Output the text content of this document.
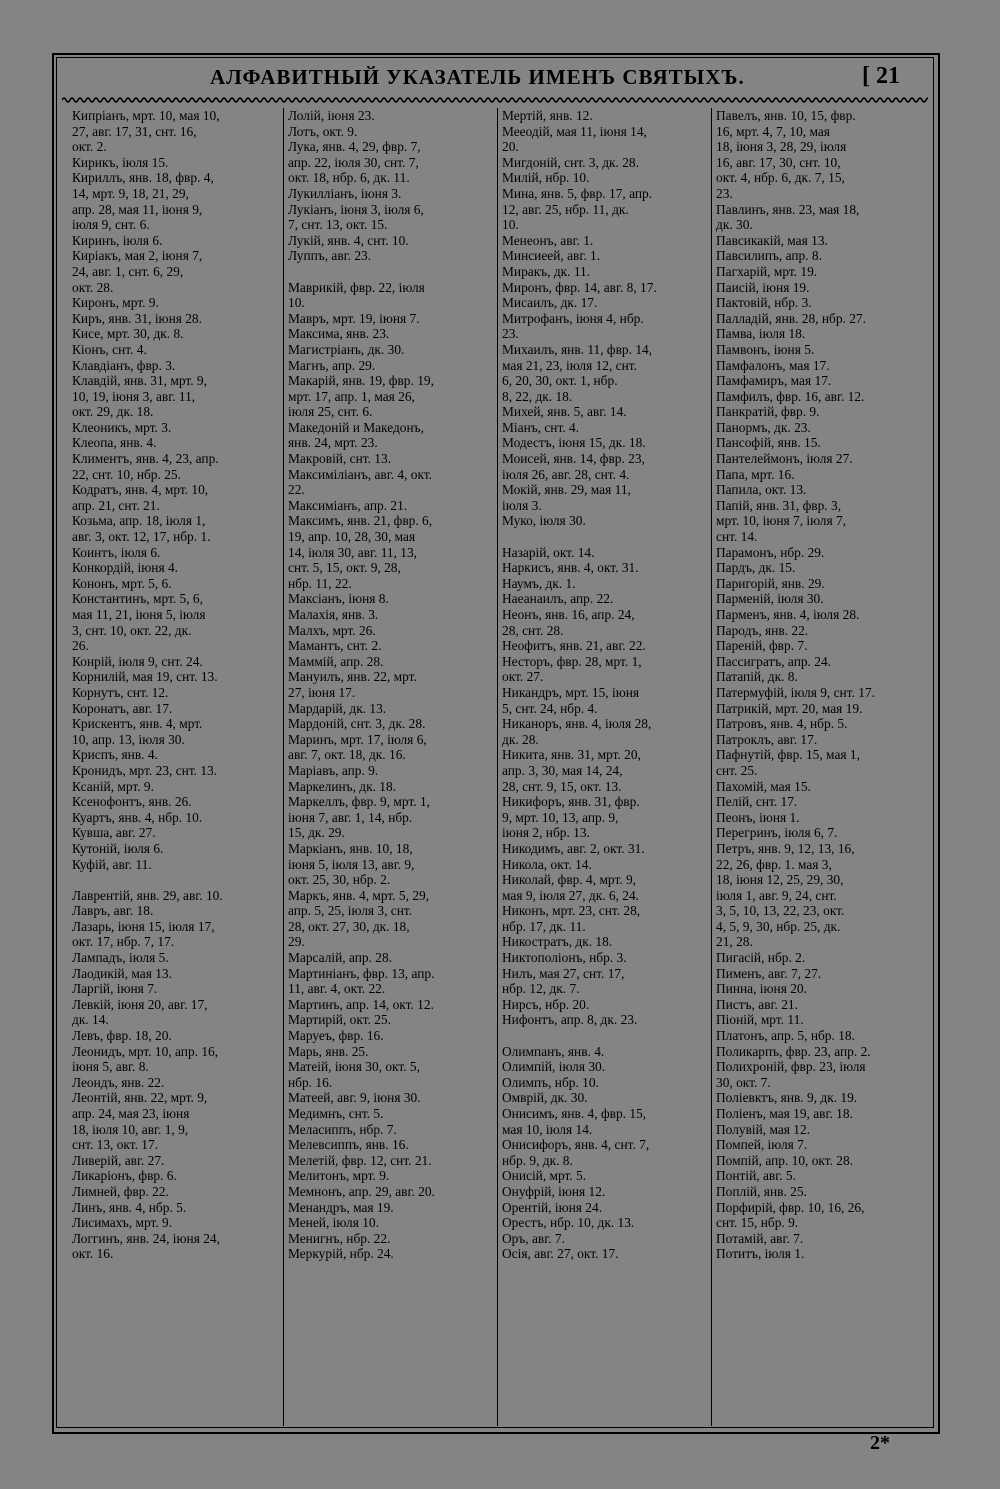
АЛФАВИТНЫЙ УКАЗАТЕЛЬ ИМЕНЪ СВЯТЫХЪ.	[ 21
Кипріанъ, мрт. 10, мая 10,
27, авг. 17, 31, снт. 16,
окт. 2.
Кирикъ, іюля 15.
Кириллъ, янв. 18, фвр. 4,
14, мрт. 9, 18, 21, 29,
апр. 28, мая 11, іюня 9,
іюля 9, снт. 6.
Киринъ, іюля 6.
Киріакъ, мая 2, іюня 7,
24, авг. 1, снт. 6, 29,
окт. 28.
Киронъ, мрт. 9.
Киръ, янв. 31, іюня 28.
Кисе, мрт. 30, дк. 8.
Кіонъ, снт. 4.
Клавдіанъ, фвр. 3.
Клавдій, янв. 31, мрт. 9,
10, 19, іюня 3, авг. 11,
окт. 29, дк. 18.
Клеоникъ, мрт. 3.
Клеопа, янв. 4.
Климентъ, янв. 4, 23, апр.
22, снт. 10, нбр. 25.
Кодратъ, янв. 4, мрт. 10,
апр. 21, снт. 21.
Козьма, апр. 18, іюля 1,
авг. 3, окт. 12, 17, нбр. 1.
Коинтъ, іюля 6.
Конкордій, іюня 4.
Кононъ, мрт. 5, 6.
Константинъ, мрт. 5, 6,
мая 11, 21, іюня 5, іюля
3, снт. 10, окт. 22, дк.
26.
Конрій, іюля 9, снт. 24.
Корнилій, мая 19, снт. 13.
Корнутъ, снт. 12.
Коронатъ, авг. 17.
Крискентъ, янв. 4, мрт.
10, апр. 13, іюля 30.
Криспъ, янв. 4.
Кронидъ, мрт. 23, снт. 13.
Ксаній, мрт. 9.
Ксенофонтъ, янв. 26.
Куартъ, янв. 4, нбр. 10.
Кувша, авг. 27.
Кутоній, іюля 6.
Куфій, авг. 11.
Лаврентій, янв. 29, авг. 10.
Лавръ, авг. 18.
Лазарь, іюня 15, іюля 17,
окт. 17, нбр. 7, 17.
Лампадъ, іюля 5.
Лаодикій, мая 13.
Ларгій, іюня 7.
Левкій, іюня 20, авг. 17,
дк. 14.
Левъ, фвр. 18, 20.
Леонидъ, мрт. 10, апр. 16,
іюня 5, авг. 8.
Леондъ, янв. 22.
Леонтій, янв. 22, мрт. 9,
апр. 24, мая 23, іюня
18, іюля 10, авг. 1, 9,
снт. 13, окт. 17.
Ливерій, авг. 27.
Ликаріонъ, фвр. 6.
Лимней, фвр. 22.
Линъ, янв. 4, нбр. 5.
Лисимахъ, мрт. 9.
Логгинъ, янв. 24, іюня 24,
окт. 16.
Лолій, іюня 23.
Лотъ, окт. 9.
Лука, янв. 4, 29, фвр. 7,
апр. 22, іюля 30, снт. 7,
окт. 18, нбр. 6, дк. 11.
Лукилліанъ, іюня 3.
Лукіанъ, іюня 3, іюля 6,
7, снт. 13, окт. 15.
Лукій, янв. 4, снт. 10.
Луппъ, авг. 23.
Маврикій, фвр. 22, іюля
10.
Мавръ, мрт. 19, іюня 7.
Максима, янв. 23.
Магистріанъ, дк. 30.
Магнъ, апр. 29.
Макарій, янв. 19, фвр. 19,
мрт. 17, апр. 1, мая 26,
іюля 25, снт. 6.
Македоній и Македонъ,
янв. 24, мрт. 23.
Макровій, снт. 13.
Максиміліанъ, авг. 4, окт.
22.
Максиміанъ, апр. 21.
Максимъ, янв. 21, фвр. 6,
19, апр. 10, 28, 30, мая
14, іюля 30, авг. 11, 13,
снт. 5, 15, окт. 9, 28,
нбр. 11, 22.
Максіанъ, іюня 8.
Малахія, янв. 3.
Малхъ, мрт. 26.
Мамантъ, снт. 2.
Маммій, апр. 28.
Мануилъ, янв. 22, мрт.
27, іюня 17.
Мардарій, дк. 13.
Мардоній, снт. 3, дк. 28.
Маринъ, мрт. 17, іюля 6,
авг. 7, окт. 18, дк. 16.
Маріавъ, апр. 9.
Маркелинъ, дк. 18.
Маркеллъ, фвр. 9, мрт. 1,
іюня 7, авг. 1, 14, нбр.
15, дк. 29.
Маркіанъ, янв. 10, 18,
іюня 5, іюля 13, авг. 9,
окт. 25, 30, нбр. 2.
Маркъ, янв. 4, мрт. 5, 29,
апр. 5, 25, іюля 3, снт.
28, окт. 27, 30, дк. 18,
29.
Марсалій, апр. 28.
Мартиніанъ, фвр. 13, апр.
11, авг. 4, окт. 22.
Мартинъ, апр. 14, окт. 12.
Мартирій, окт. 25.
Маруеъ, фвр. 16.
Марь, янв. 25.
Матеій, іюня 30, окт. 5,
нбр. 16.
Матеей, авг. 9, іюня 30.
Медимнъ, снт. 5.
Меласиппъ, нбр. 7.
Мелевсиппъ, янв. 16.
Мелетій, фвр. 12, снт. 21.
Мелитонъ, мрт. 9.
Мемнонъ, апр. 29, авг. 20.
Менандръ, мая 19.
Меней, іюля 10.
Менигнъ, нбр. 22.
Меркурій, нбр. 24.
Мертій, янв. 12.
Мееодій, мая 11, іюня 14,
20.
Мигдоній, снт. 3, дк. 28.
Милій, нбр. 10.
Мина, янв. 5, фвр. 17, апр.
12, авг. 25, нбр. 11, дк.
10.
Менеонъ, авг. 1.
Минсиеей, авг. 1.
Миракъ, дк. 11.
Миронъ, фвр. 14, авг. 8, 17.
Мисаилъ, дк. 17.
Митрофанъ, іюня 4, нбр.
23.
Михаилъ, янв. 11, фвр. 14,
мая 21, 23, іюля 12, снт.
6, 20, 30, окт. 1, нбр.
8, 22, дк. 18.
Михей, янв. 5, авг. 14.
Міанъ, снт. 4.
Модестъ, іюня 15, дк. 18.
Моисей, янв. 14, фвр. 23,
іюля 26, авг. 28, снт. 4.
Мокій, янв. 29, мая 11,
іюля 3.
Муко, іюля 30.
Назарій, окт. 14.
Наркисъ, янв. 4, окт. 31.
Наумъ, дк. 1.
Наеанаилъ, апр. 22.
Неонъ, янв. 16, апр. 24,
28, снт. 28.
Неофитъ, янв. 21, авг. 22.
Несторъ, фвр. 28, мрт. 1,
окт. 27.
Никандръ, мрт. 15, іюня
5, снт. 24, нбр. 4.
Никаноръ, янв. 4, іюля 28,
дк. 28.
Никита, янв. 31, мрт. 20,
апр. 3, 30, мая 14, 24,
28, снт. 9, 15, окт. 13.
Никифоръ, янв. 31, фвр.
9, мрт. 10, 13, апр. 9,
іюня 2, нбр. 13.
Никодимъ, авг. 2, окт. 31.
Никола, окт. 14.
Николай, фвр. 4, мрт. 9,
мая 9, іюля 27, дк. 6, 24.
Никонъ, мрт. 23, снт. 28,
нбр. 17, дк. 11.
Никостратъ, дк. 18.
Никтополіонъ, нбр. 3.
Нилъ, мая 27, снт. 17,
нбр. 12, дк. 7.
Нирсъ, нбр. 20.
Нифонтъ, апр. 8, дк. 23.
Олимпанъ, янв. 4.
Олимпій, іюля 30.
Олимпъ, нбр. 10.
Омврій, дк. 30.
Онисимъ, янв. 4, фвр. 15,
мая 10, іюля 14.
Онисифоръ, янв. 4, снт. 7,
нбр. 9, дк. 8.
Онисій, мрт. 5.
Онуфрій, іюня 12.
Орентій, іюня 24.
Орестъ, нбр. 10, дк. 13.
Оръ, авг. 7.
Осія, авг. 27, окт. 17.
Павелъ, янв. 10, 15, фвр.
16, мрт. 4, 7, 10, мая
18, іюня 3, 28, 29, іюля
16, авг. 17, 30, снт. 10,
окт. 4, нбр. 6, дк. 7, 15,
23.
Павлинъ, янв. 23, мая 18,
дк. 30.
Павсикакій, мая 13.
Павсилипъ, апр. 8.
Пагхарій, мрт. 19.
Паисій, іюня 19.
Пактовій, нбр. 3.
Палладій, янв. 28, нбр. 27.
Памва, іюля 18.
Памвонъ, іюня 5.
Памфалонъ, мая 17.
Памфамиръ, мая 17.
Памфилъ, фвр. 16, авг. 12.
Панкратій, фвр. 9.
Панормъ, дк. 23.
Пансофій, янв. 15.
Пантелеймонъ, іюля 27.
Папа, мрт. 16.
Папила, окт. 13.
Папій, янв. 31, фвр. 3,
мрт. 10, іюня 7, іюля 7,
снт. 14.
Парамонъ, нбр. 29.
Пардъ, дк. 15.
Паригорій, янв. 29.
Парменій, іюля 30.
Парменъ, янв. 4, іюля 28.
Пародъ, янв. 22.
Пареній, фвр. 7.
Пассигратъ, апр. 24.
Патапій, дк. 8.
Патермуфій, іюля 9, снт. 17.
Патрикій, мрт. 20, мая 19.
Патровъ, янв. 4, нбр. 5.
Патроклъ, авг. 17.
Пафнутій, фвр. 15, мая 1,
снт. 25.
Пахомій, мая 15.
Пелій, снт. 17.
Пеонъ, іюня 1.
Перегринъ, іюля 6, 7.
Петръ, янв. 9, 12, 13, 16,
22, 26, фвр. 1. мая 3,
18, іюня 12, 25, 29, 30,
іюля 1, авг. 9, 24, снт.
3, 5, 10, 13, 22, 23, окт.
4, 5, 9, 30, нбр. 25, дк.
21, 28.
Пигасій, нбр. 2.
Пименъ, авг. 7, 27.
Пинна, іюня 20.
Пистъ, авг. 21.
Піоній, мрт. 11.
Платонъ, апр. 5, нбр. 18.
Поликарпъ, фвр. 23, апр. 2.
Полихроній, фвр. 23, іюля
30, окт. 7.
Поліевктъ, янв. 9, дк. 19.
Поліенъ, мая 19, авг. 18.
Полувій, мая 12.
Помпей, іюля 7.
Помпій, апр. 10, окт. 28.
Понтій, авг. 5.
Поплій, янв. 25.
Порфирій, фвр. 10, 16, 26,
снт. 15, нбр. 9.
Потамій, авг. 7.
Потитъ, іюля 1.
2*
